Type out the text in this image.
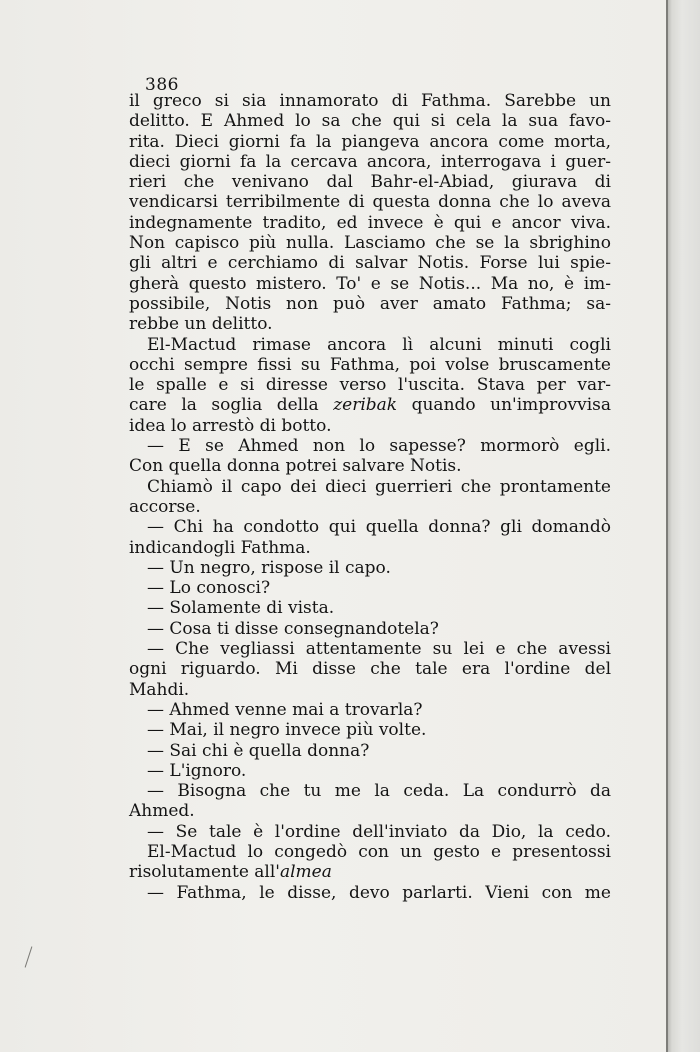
386
il greco si sia innamorato di Fathma. Sarebbe un
delitto. E Ahmed lo sa che qui si cela la sua favo-
rita. Dieci giorni fa la piangeva ancora come morta,
dieci giorni fa la cercava ancora, interrogava i guer-
rieri che venivano dal Bahr-el-Abiad, giurava di
vendicarsi terribilmente di questa donna che lo aveva
indegnamente tradito, ed invece è qui e ancor viva.
Non capisco più nulla. Lasciamo che se la sbrighino
gli altri e cerchiamo di salvar Notis. Forse lui spie-
gherà questo mistero. To' e se Notis... Ma no, è im-
possibile, Notis non può aver amato Fathma; sa-
rebbe un delitto.
El-Mactud rimase ancora lì alcuni minuti cogli
occhi sempre fissi su Fathma, poi volse bruscamente
le spalle e si diresse verso l'uscita. Stava per var-
care la soglia della zeribak quando un'improvvisa
idea lo arrestò di botto.
— E se Ahmed non lo sapesse? mormorò egli.
Con quella donna potrei salvare Notis.
Chiamò il capo dei dieci guerrieri che prontamente
accorse.
— Chi ha condotto qui quella donna? gli domandò
indicandogli Fathma.
— Un negro, rispose il capo.
— Lo conosci?
— Solamente di vista.
— Cosa ti disse consegnandotela?
— Che vegliassi attentamente su lei e che avessi
ogni riguardo. Mi disse che tale era l'ordine del
Mahdi.
— Ahmed venne mai a trovarla?
— Mai, il negro invece più volte.
— Sai chi è quella donna?
— L'ignoro.
— Bisogna che tu me la ceda. La condurrò da
Ahmed.
— Se tale è l'ordine dell'inviato da Dio, la cedo.
El-Mactud lo congedò con un gesto e presentossi
risolutamente all'almea
— Fathma, le disse, devo parlarti. Vieni con me
